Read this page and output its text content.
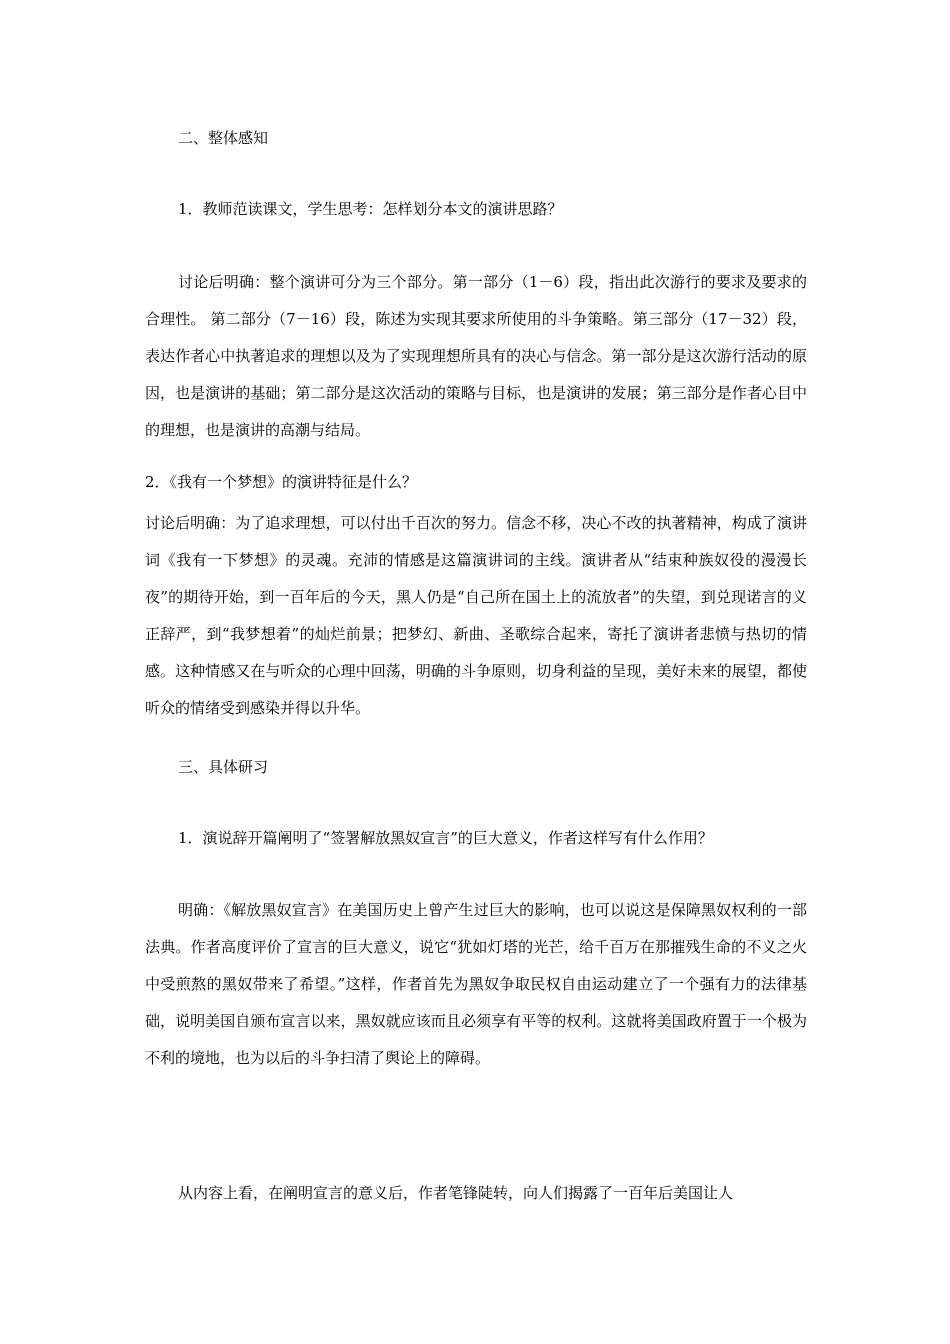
二、整体感知
1．教师范读课文，学生思考：怎样划分本文的演讲思路？
讨论后明确：整个演讲可分为三个部分。第一部分（1－6）段，指出此次游行的要求及要求的合理性。 第二部分（7－16）段，陈述为实现其要求所使用的斗争策略。第三部分（17－32）段，表达作者心中执著追求的理想以及为了实现理想所具有的决心与信念。第一部分是这次游行活动的原因，也是演讲的基础；第二部分是这次活动的策略与目标，也是演讲的发展；第三部分是作者心目中的理想，也是演讲的高潮与结局。
2．《我有一个梦想》的演讲特征是什么？
讨论后明确：为了追求理想，可以付出千百次的努力。信念不移，决心不改的执著精神，构成了演讲词《我有一下梦想》的灵魂。充沛的情感是这篇演讲词的主线。演讲者从“结束种族奴役的漫漫长夜”的期待开始，到一百年后的今天，黑人仍是“自己所在国土上的流放者”的失望，到兑现诺言的义正辞严，到“我梦想着”的灿烂前景；把梦幻、新曲、圣歌综合起来，寄托了演讲者悲愤与热切的情感。这种情感又在与听众的心理中回荡，明确的斗争原则，切身利益的呈现，美好未来的展望，都使听众的情绪受到感染并得以升华。
三、具体研习
1．演说辞开篇阐明了“签署解放黑奴宣言”的巨大意义，作者这样写有什么作用？
明确：《解放黑奴宣言》在美国历史上曾产生过巨大的影响，也可以说这是保障黑奴权利的一部法典。作者高度评价了宣言的巨大意义，说它“犹如灯塔的光芒，给千百万在那摧残生命的不义之火中受煎熬的黑奴带来了希望。”这样，作者首先为黑奴争取民权自由运动建立了一个强有力的法律基础，说明美国自颁布宣言以来，黑奴就应该而且必须享有平等的权利。这就将美国政府置于一个极为不利的境地，也为以后的斗争扫清了舆论上的障碍。
从内容上看，在阐明宣言的意义后，作者笔锋陡转，向人们揭露了一百年后美国让人
